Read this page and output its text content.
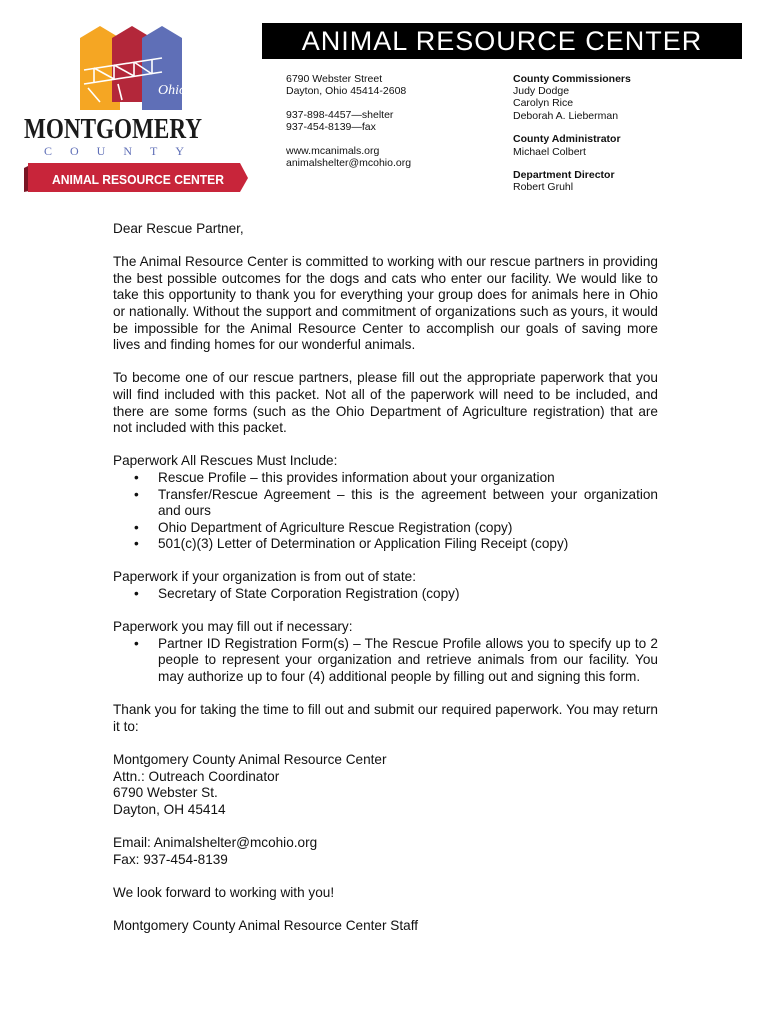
Ohio
MONTGOMERY
COUNTY
ANIMAL RESOURCE CENTER
ANIMAL RESOURCE CENTER
6790 Webster Street
Dayton, Ohio 45414-2608
937-898-4457—shelter
937-454-8139—fax
www.mcanimals.org
animalshelter@mcohio.org
County Commissioners
Judy Dodge
Carolyn Rice
Deborah A. Lieberman
County Administrator
Michael Colbert
Department Director
Robert Gruhl

Dear Rescue Partner,

The Animal Resource Center is committed to working with our rescue partners in providing the best possible outcomes for the dogs and cats who enter our facility. We would like to take this opportunity to thank you for everything your group does for animals here in Ohio or nationally. Without the support and commitment of organizations such as yours, it would be impossible for the Animal Resource Center to accomplish our goals of saving more lives and finding homes for our wonderful animals.

To become one of our rescue partners, please fill out the appropriate paperwork that you will find included with this packet. Not all of the paperwork will need to be included, and there are some forms (such as the Ohio Department of Agriculture registration) that are not included with this packet.

Paperwork All Rescues Must Include:

• Rescue Profile – this provides information about your organization
• Transfer/Rescue Agreement – this is the agreement between your organization and ours
• Ohio Department of Agriculture Rescue Registration (copy)
• 501(c)(3) Letter of Determination or Application Filing Receipt (copy)

Paperwork if your organization is from out of state:

• Secretary of State Corporation Registration (copy)

Paperwork you may fill out if necessary:

• Partner ID Registration Form(s) – The Rescue Profile allows you to specify up to 2 people to represent your organization and retrieve animals from our facility. You may authorize up to four (4) additional people by filling out and signing this form.

Thank you for taking the time to fill out and submit our required paperwork. You may return it to:

Montgomery County Animal Resource Center
Attn.: Outreach Coordinator
6790 Webster St.
Dayton, OH 45414
Email: Animalshelter@mcohio.org
Fax: 937-454-8139

We look forward to working with you!

Montgomery County Animal Resource Center Staff
